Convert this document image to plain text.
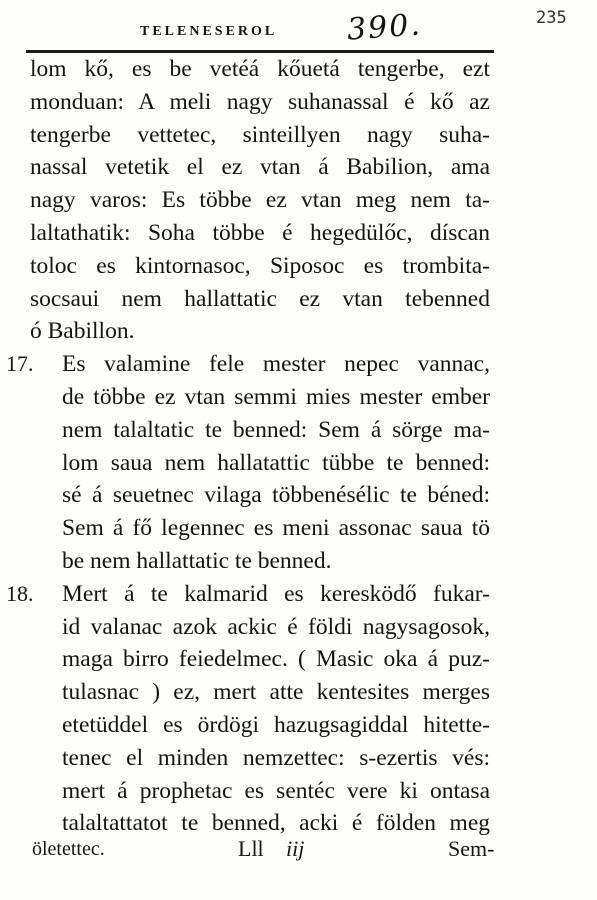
TELENESEROL 390.	235
lom kő, es be vetéá kőuetá tengerbe, ezt
monduan: A meli nagy suhanassal é kő az
tengerbe vettetec, sinteillyen nagy suha-
nassal vetetik el ez vtan á Babilion, ama
nagy varos: Es többe ez vtan meg nem ta-
laltathatik: Soha többe é hegedülőc, díscan
toloc es kintornasoc, Siposoc es trombita-
socsaui nem hallattatic ez vtan tebenned
ó Babillon.
17. Es valamine fele mester nepec vannac,
de többe ez vtan semmi mies mester ember
nem talaltatic te benned: Sem á sörge ma-
lom saua nem hallatattic tübbe te benned:
sé á seuetnec vilaga többenésélic te béned:
Sem á fő legennec es meni assonac saua tö
be nem hallattatic te benned.
18. Mert á te kalmarid es keresködő fukar-
id valanac azok ackic é földi nagysagosok,
maga birro feiedelmec. ( Masic oka á puz-
tulasnac ) ez, mert atte kentesites merges
etetüddel es ördögi hazugsagiddal hitette-
tenec el minden nemzettec: s-ezertis vés:
mert á prophetac es sentéc vere ki ontasa
talaltattatot te benned, acki é földen meg
öletettec.	Lll iij	Sem-
